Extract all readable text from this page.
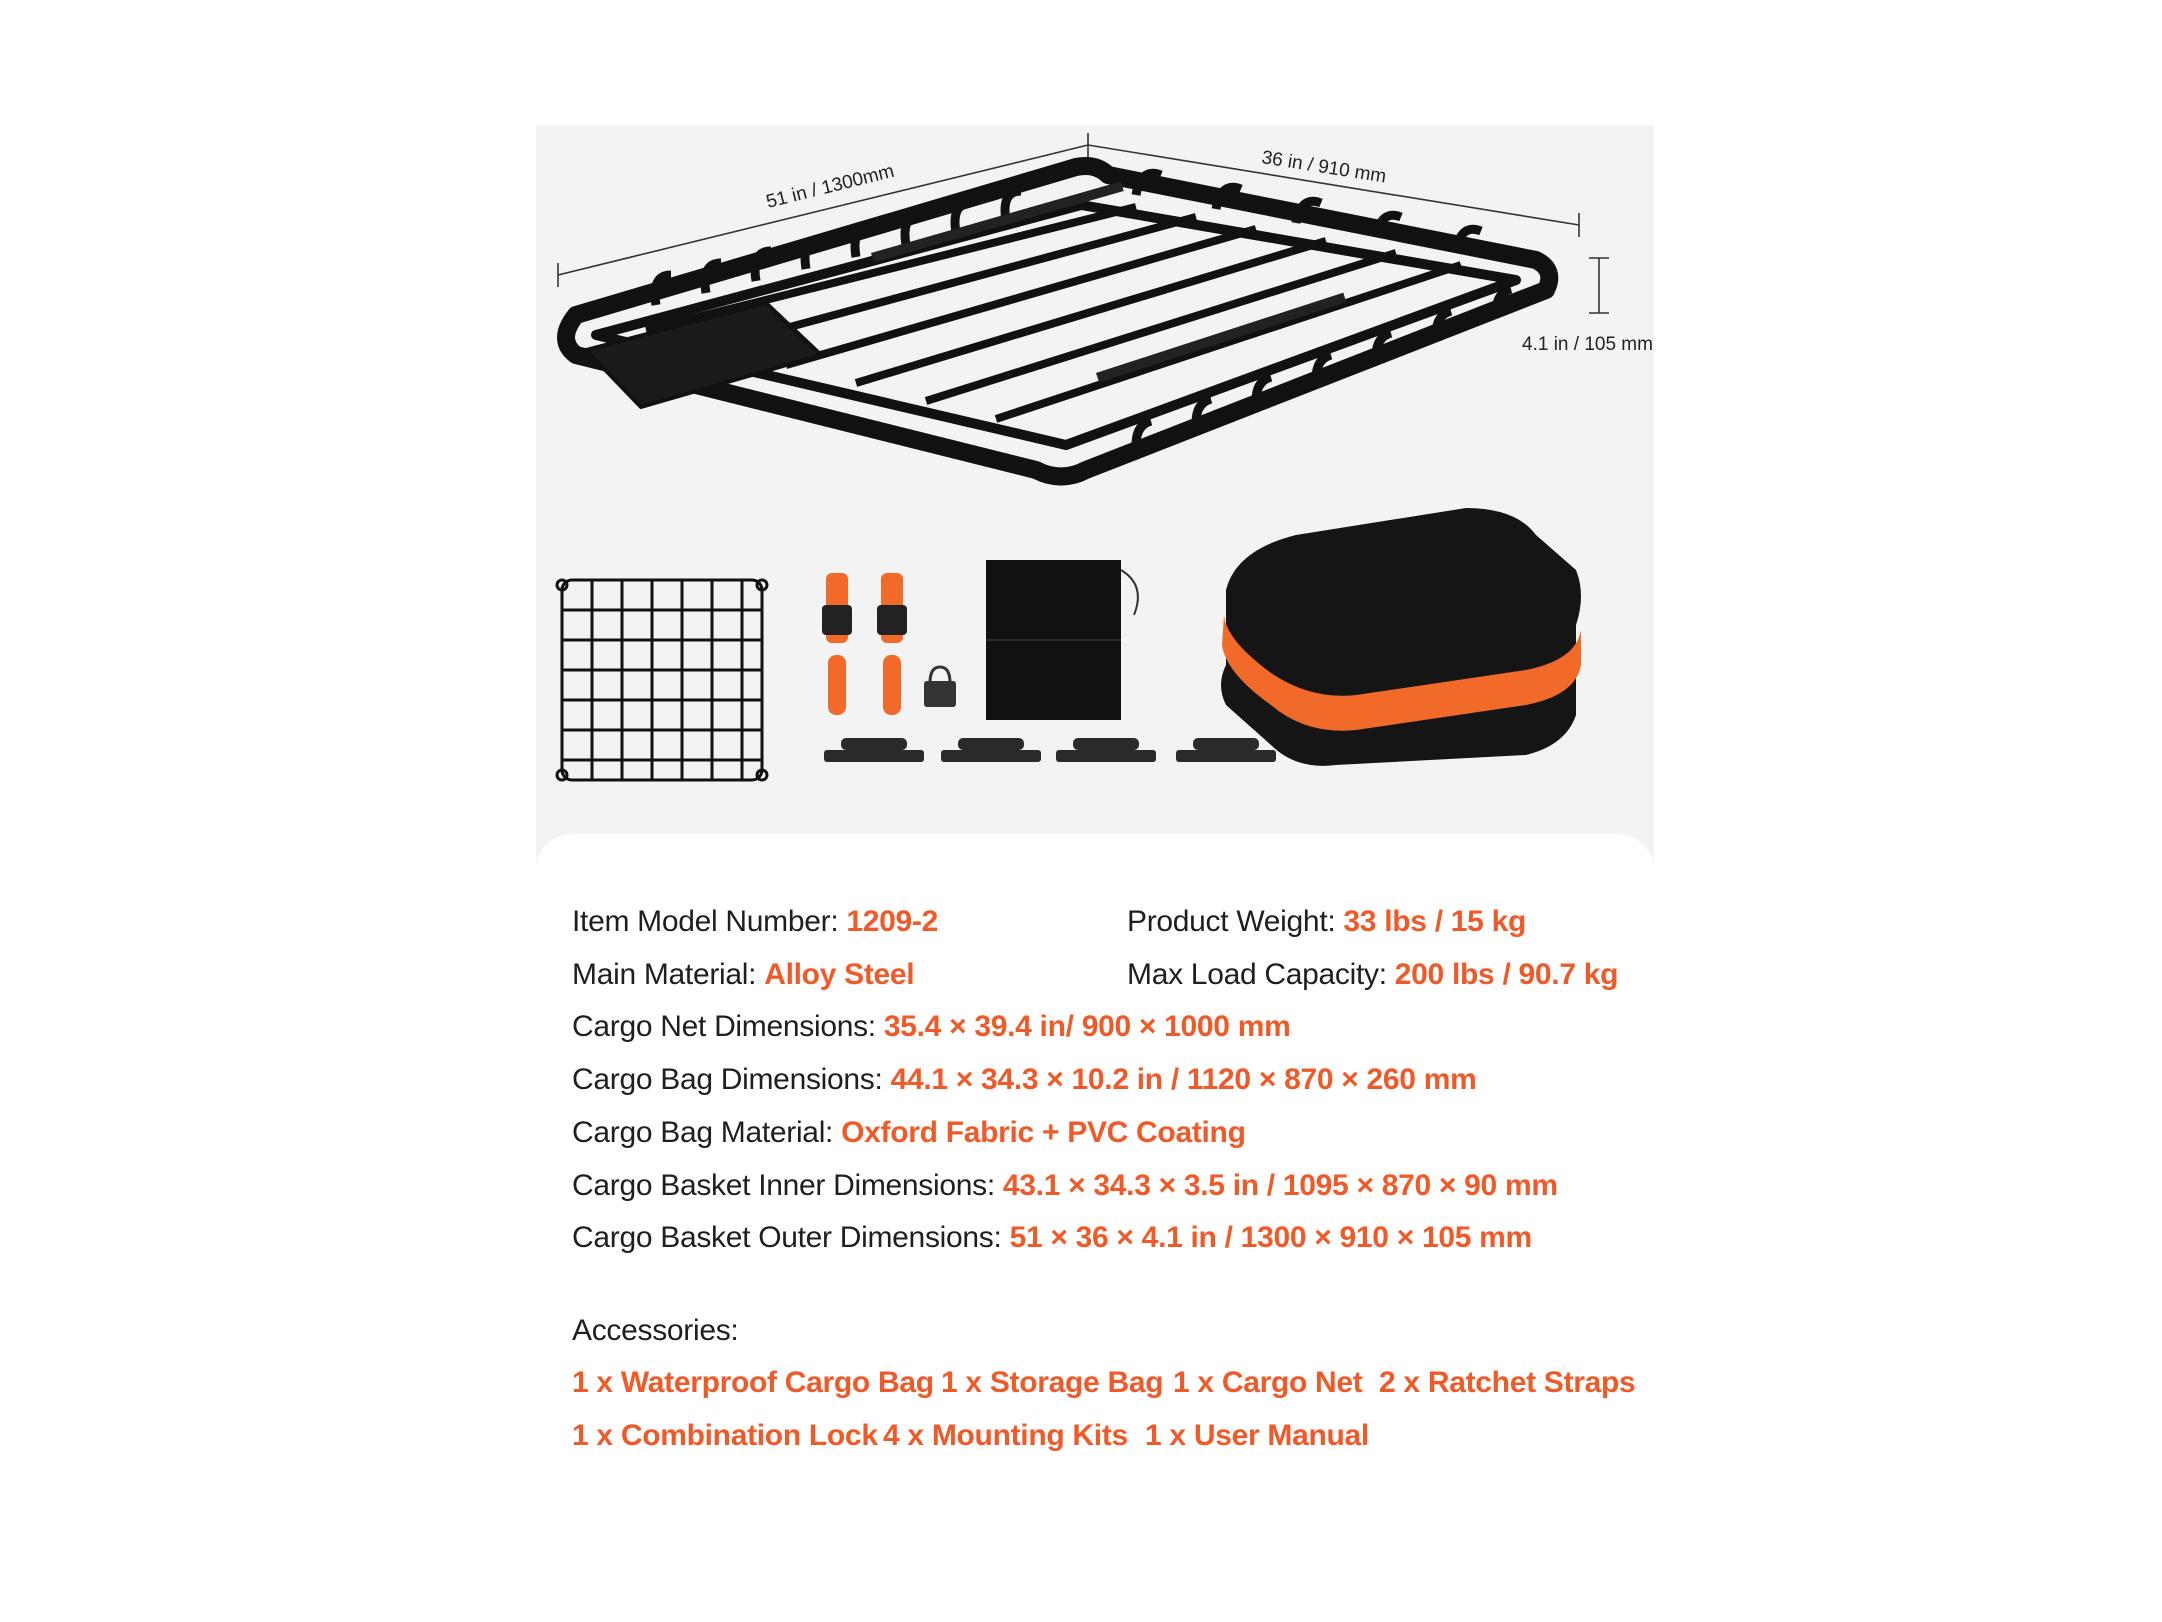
51 in / 1300mm	36 in / 910 mm
4.1 in / 105 mm
Item Model Number: 1209-2	Product Weight: 33 lbs / 15 kg
Main Material: Alloy Steel	Max Load Capacity: 200 lbs / 90.7 kg
Cargo Net Dimensions: 35.4 × 39.4 in/ 900 × 1000 mm
Cargo Bag Dimensions: 44.1 × 34.3 × 10.2 in / 1120 × 870 × 260 mm
Cargo Bag Material: Oxford Fabric + PVC Coating
Cargo Basket Inner Dimensions: 43.1 × 34.3 × 3.5 in / 1095 × 870 × 90 mm
Cargo Basket Outer Dimensions: 51 × 36 × 4.1 in / 1300 × 910 × 105 mm
Accessories:
1 x Waterproof Cargo Bag 1 x Storage Bag 1 x Cargo Net 2 x Ratchet Straps
1 x Combination Lock 4 x Mounting Kits 1 x User Manual
